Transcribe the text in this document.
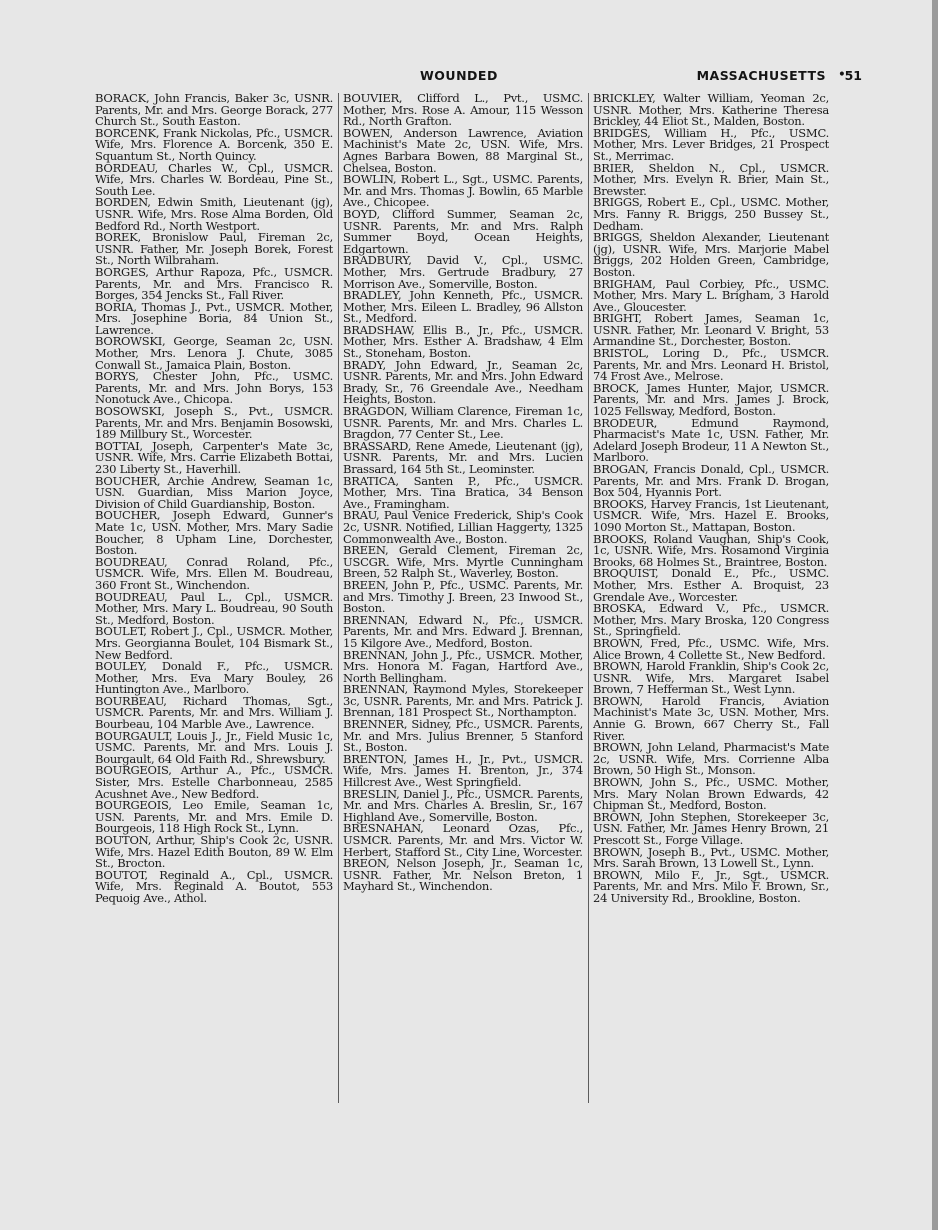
WOUNDED	MASSACHUSETTS •
51

BORACK, John Francis, Baker 3c, USNR. Parents, Mr. and Mrs. George Borack, 277 Church St., South Easton.

BORCENK, Frank Nickolas, Pfc., USMCR. Wife, Mrs. Florence A. Borcenk, 350 E. Squantum St., North Quincy.

BORDEAU, Charles W., Cpl., USMCR. Wife, Mrs. Charles W. Bordeau, Pine St., South Lee.

BORDEN, Edwin Smith, Lieutenant (jg), USNR. Wife, Mrs. Rose Alma Borden, Old Bedford Rd., North Westport.

BOREK, Bronislow Paul, Fireman 2c, USNR. Father, Mr. Joseph Borek, Forest St., North Wilbraham.

BORGES, Arthur Rapoza, Pfc., USMCR. Parents, Mr. and Mrs. Francisco R. Borges, 354 Jencks St., Fall River.

BORIA, Thomas J., Pvt., USMCR. Mother, Mrs. Josephine Boria, 84 Union St., Lawrence.

BOROWSKI, George, Seaman 2c, USN. Mother, Mrs. Lenora J. Chute, 3085 Conwall St., Jamaica Plain, Boston.

BORYS, Chester John, Pfc., USMC. Parents, Mr. and Mrs. John Borys, 153 Nonotuck Ave., Chicopa.

BOSOWSKI, Joseph S., Pvt., USMCR. Parents, Mr. and Mrs. Benjamin Bosowski, 189 Millbury St., Worcester.

BOTTAI, Joseph, Carpenter's Mate 3c, USNR. Wife, Mrs. Carrie Elizabeth Bottai, 230 Liberty St., Haverhill.

BOUCHER, Archie Andrew, Seaman 1c, USN. Guardian, Miss Marion Joyce, Division of Child Guardianship, Boston.

BOUCHER, Joseph Edward, Gunner's Mate 1c, USN. Mother, Mrs. Mary Sadie Boucher, 8 Upham Line, Dorchester, Boston.

BOUDREAU, Conrad Roland, Pfc., USMCR. Wife, Mrs. Ellen M. Boudreau, 360 Front St., Winchendon.

BOUDREAU, Paul L., Cpl., USMCR. Mother, Mrs. Mary L. Boudreau, 90 South St., Medford, Boston.

BOULET, Robert J., Cpl., USMCR. Mother, Mrs. Georgianna Boulet, 104 Bismark St., New Bedford.

BOULEY, Donald F., Pfc., USMCR. Mother, Mrs. Eva Mary Bouley, 26 Huntington Ave., Marlboro.

BOURBEAU, Richard Thomas, Sgt., USMCR. Parents, Mr. and Mrs. William J. Bourbeau, 104 Marble Ave., Lawrence.

BOURGAULT, Louis J., Jr., Field Music 1c, USMC. Parents, Mr. and Mrs. Louis J. Bourgault, 64 Old Faith Rd., Shrewsbury.

BOURGEOIS, Arthur A., Pfc., USMCR. Sister, Mrs. Estelle Charbonneau, 2585 Acushnet Ave., New Bedford.

BOURGEOIS, Leo Emile, Seaman 1c, USN. Parents, Mr. and Mrs. Emile D. Bourgeois, 118 High Rock St., Lynn.

BOUTON, Arthur, Ship's Cook 2c, USNR. Wife, Mrs. Hazel Edith Bouton, 89 W. Elm St., Brocton.

BOUTOT, Reginald A., Cpl., USMCR. Wife, Mrs. Reginald A. Boutot, 553 Pequoig Ave., Athol.

BOUVIER, Clifford L., Pvt., USMC. Mother, Mrs. Rose A. Amour, 115 Wesson Rd., North Grafton.

BOWEN, Anderson Lawrence, Aviation Machinist's Mate 2c, USN. Wife, Mrs. Agnes Barbara Bowen, 88 Marginal St., Chelsea, Boston.

BOWLIN, Robert L., Sgt., USMC. Parents, Mr. and Mrs. Thomas J. Bowlin, 65 Marble Ave., Chicopee.

BOYD, Clifford Summer, Seaman 2c, USNR. Parents, Mr. and Mrs. Ralph Summer Boyd, Ocean Heights, Edgartown.

BRADBURY, David V., Cpl., USMC. Mother, Mrs. Gertrude Bradbury, 27 Morrison Ave., Somerville, Boston.

BRADLEY, John Kenneth, Pfc., USMCR. Mother, Mrs. Eileen L. Bradley, 96 Allston St., Medford.

BRADSHAW, Ellis B., Jr., Pfc., USMCR. Mother, Mrs. Esther A. Bradshaw, 4 Elm St., Stoneham, Boston.

BRADY, John Edward, Jr., Seaman 2c, USNR. Parents, Mr. and Mrs. John Edward Brady, Sr., 76 Greendale Ave., Needham Heights, Boston.

BRAGDON, William Clarence, Fireman 1c, USNR. Parents, Mr. and Mrs. Charles L. Bragdon, 77 Center St., Lee.

BRASSARD, Rene Amede, Lieutenant (jg), USNR. Parents, Mr. and Mrs. Lucien Brassard, 164 5th St., Leominster.

BRATICA, Santen P., Pfc., USMCR. Mother, Mrs. Tina Bratica, 34 Benson Ave., Framingham.

BRAU, Paul Venice Frederick, Ship's Cook 2c, USNR. Notified, Lillian Haggerty, 1325 Commonwealth Ave., Boston.

BREEN, Gerald Clement, Fireman 2c, USCGR. Wife, Mrs. Myrtle Cunningham Breen, 52 Ralph St., Waverley, Boston.

BREEN, John P., Pfc., USMC. Parents, Mr. and Mrs. Timothy J. Breen, 23 Inwood St., Boston.

BRENNAN, Edward N., Pfc., USMCR. Parents, Mr. and Mrs. Edward J. Brennan, 15 Kilgore Ave., Medford, Boston.

BRENNAN, John J., Pfc., USMCR. Mother, Mrs. Honora M. Fagan, Hartford Ave., North Bellingham.

BRENNAN, Raymond Myles, Storekeeper 3c, USNR. Parents, Mr. and Mrs. Patrick J. Brennan, 181 Prospect St., Northampton.

BRENNER, Sidney, Pfc., USMCR. Parents, Mr. and Mrs. Julius Brenner, 5 Stanford St., Boston.

BRENTON, James H., Jr., Pvt., USMCR. Wife, Mrs. James H. Brenton, Jr., 374 Hillcrest Ave., West Springfield.

BRESLIN, Daniel J., Pfc., USMCR. Parents, Mr. and Mrs. Charles A. Breslin, Sr., 167 Highland Ave., Somerville, Boston.

BRESNAHAN, Leonard Ozas, Pfc., USMCR. Parents, Mr. and Mrs. Victor W. Herbert, Stafford St., City Line, Worcester.

BREON, Nelson Joseph, Jr., Seaman 1c, USNR. Father, Mr. Nelson Breton, 1 Mayhard St., Winchendon.

BRICKLEY, Walter William, Yeoman 2c, USNR. Mother, Mrs. Katherine Theresa Brickley, 44 Eliot St., Malden, Boston.

BRIDGES, William H., Pfc., USMC. Mother, Mrs. Lever Bridges, 21 Prospect St., Merrimac.

BRIER, Sheldon N., Cpl., USMCR. Mother, Mrs. Evelyn R. Brier, Main St., Brewster.

BRIGGS, Robert E., Cpl., USMC. Mother, Mrs. Fanny R. Briggs, 250 Bussey St., Dedham.

BRIGGS, Sheldon Alexander, Lieutenant (jg), USNR. Wife, Mrs. Marjorie Mabel Briggs, 202 Holden Green, Cambridge, Boston.

BRIGHAM, Paul Corbiey, Pfc., USMC. Mother, Mrs. Mary L. Brigham, 3 Harold Ave., Gloucester.

BRIGHT, Robert James, Seaman 1c, USNR. Father, Mr. Leonard V. Bright, 53 Armandine St., Dorchester, Boston.

BRISTOL, Loring D., Pfc., USMCR. Parents, Mr. and Mrs. Leonard H. Bristol, 74 Frost Ave., Melrose.

BROCK, James Hunter, Major, USMCR. Parents, Mr. and Mrs. James J. Brock, 1025 Fellsway, Medford, Boston.

BRODEUR, Edmund Raymond, Pharmacist's Mate 1c, USN. Father, Mr. Adelard Joseph Brodeur, 11 A Newton St., Marlboro.

BROGAN, Francis Donald, Cpl., USMCR. Parents, Mr. and Mrs. Frank D. Brogan, Box 504, Hyannis Port.

BROOKS, Harvey Francis, 1st Lieutenant, USMCR. Wife, Mrs. Hazel E. Brooks, 1090 Morton St., Mattapan, Boston.

BROOKS, Roland Vaughan, Ship's Cook, 1c, USNR. Wife, Mrs. Rosamond Virginia Brooks, 68 Holmes St., Braintree, Boston.

BROQUIST, Donald E., Pfc., USMC. Mother, Mrs. Esther A. Broquist, 23 Grendale Ave., Worcester.

BROSKA, Edward V., Pfc., USMCR. Mother, Mrs. Mary Broska, 120 Congress St., Springfield.

BROWN, Fred, Pfc., USMC. Wife, Mrs. Alice Brown, 4 Collette St., New Bedford.

BROWN, Harold Franklin, Ship's Cook 2c, USNR. Wife, Mrs. Margaret Isabel Brown, 7 Hefferman St., West Lynn.

BROWN, Harold Francis, Aviation Machinist's Mate 3c, USN. Mother, Mrs. Annie G. Brown, 667 Cherry St., Fall River.

BROWN, John Leland, Pharmacist's Mate 2c, USNR. Wife, Mrs. Corrienne Alba Brown, 50 High St., Monson.

BROWN, John S., Pfc., USMC. Mother, Mrs. Mary Nolan Brown Edwards, 42 Chipman St., Medford, Boston.

BROWN, John Stephen, Storekeeper 3c, USN. Father, Mr. James Henry Brown, 21 Prescott St., Forge Village.

BROWN, Joseph B., Pvt., USMC. Mother, Mrs. Sarah Brown, 13 Lowell St., Lynn.

BROWN, Milo F., Jr., Sgt., USMCR. Parents, Mr. and Mrs. Milo F. Brown, Sr., 24 University Rd., Brookline, Boston.
